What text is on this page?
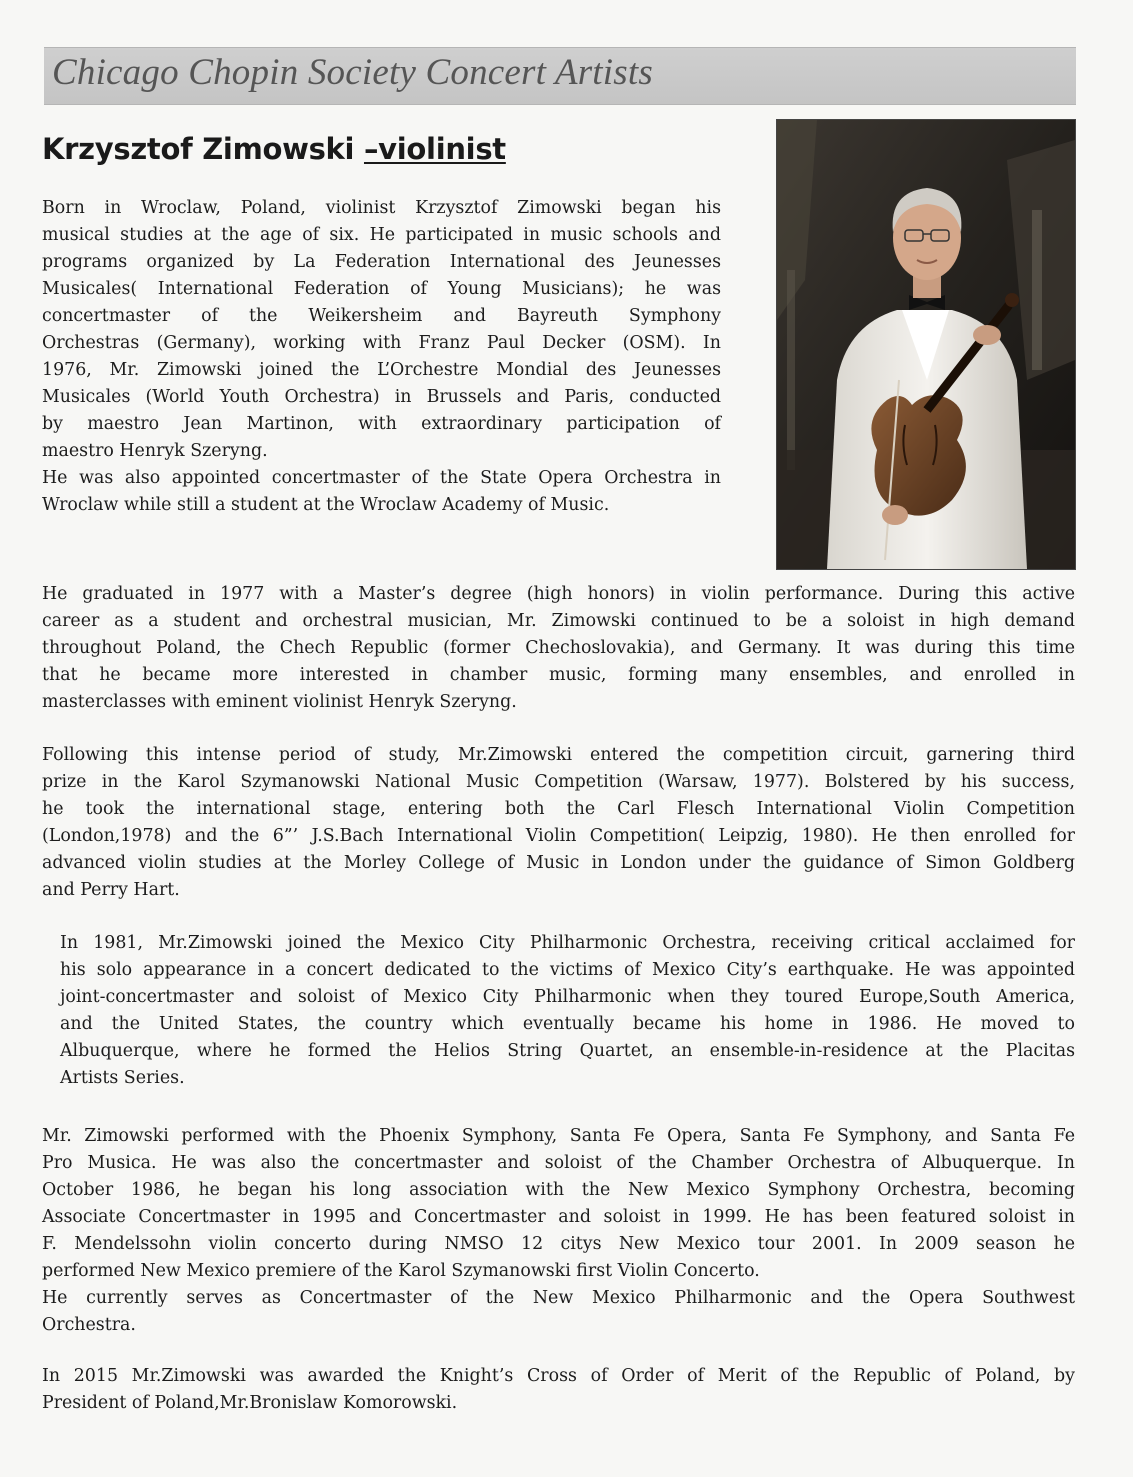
Chicago Chopin Society Concert Artists
Krzysztof Zimowski –violinist
Born in Wroclaw, Poland, violinist Krzysztof Zimowski began his
musical studies at the age of six. He participated in music schools and
programs organized by La Federation International des Jeunesses
Musicales( International Federation of Young Musicians); he was
concertmaster of the Weikersheim and Bayreuth Symphony
Orchestras (Germany), working with Franz Paul Decker (OSM). In
1976, Mr. Zimowski joined the L’Orchestre Mondial des Jeunesses
Musicales (World Youth Orchestra) in Brussels and Paris, conducted
by maestro Jean Martinon, with extraordinary participation of
maestro Henryk Szeryng.
He was also appointed concertmaster of the State Opera Orchestra in
Wroclaw while still a student at the Wroclaw Academy of Music.
He graduated in 1977 with a Master’s degree (high honors) in violin performance. During this active
career as a student and orchestral musician, Mr. Zimowski continued to be a soloist in high demand
throughout Poland, the Chech Republic (former Chechoslovakia), and Germany. It was during this time
that he became more interested in chamber music, forming many ensembles, and enrolled in
masterclasses with eminent violinist Henryk Szeryng.
Following this intense period of study, Mr.Zimowski entered the competition circuit, garnering third
prize in the Karol Szymanowski National Music Competition (Warsaw, 1977). Bolstered by his success,
he took the international stage, entering both the Carl Flesch International Violin Competition
(London,1978) and the 6”’ J.S.Bach International Violin Competition( Leipzig, 1980). He then enrolled for
advanced violin studies at the Morley College of Music in London under the guidance of Simon Goldberg
and Perry Hart.
In 1981, Mr.Zimowski joined the Mexico City Philharmonic Orchestra, receiving critical acclaimed for
his solo appearance in a concert dedicated to the victims of Mexico City’s earthquake. He was appointed
joint-concertmaster and soloist of Mexico City Philharmonic when they toured Europe,South America,
and the United States, the country which eventually became his home in 1986. He moved to
Albuquerque, where he formed the Helios String Quartet, an ensemble-in-residence at the Placitas
Artists Series.
Mr. Zimowski performed with the Phoenix Symphony, Santa Fe Opera, Santa Fe Symphony, and Santa Fe
Pro Musica. He was also the concertmaster and soloist of the Chamber Orchestra of Albuquerque. In
October 1986, he began his long association with the New Mexico Symphony Orchestra, becoming
Associate Concertmaster in 1995 and Concertmaster and soloist in 1999. He has been featured soloist in
F. Mendelssohn violin concerto during NMSO 12 citys New Mexico tour 2001. In 2009 season he
performed New Mexico premiere of the Karol Szymanowski first Violin Concerto.
He currently serves as Concertmaster of the New Mexico Philharmonic and the Opera Southwest
Orchestra.
In 2015 Mr.Zimowski was awarded the Knight’s Cross of Order of Merit of the Republic of Poland, by
President of Poland,Mr.Bronislaw Komorowski.
